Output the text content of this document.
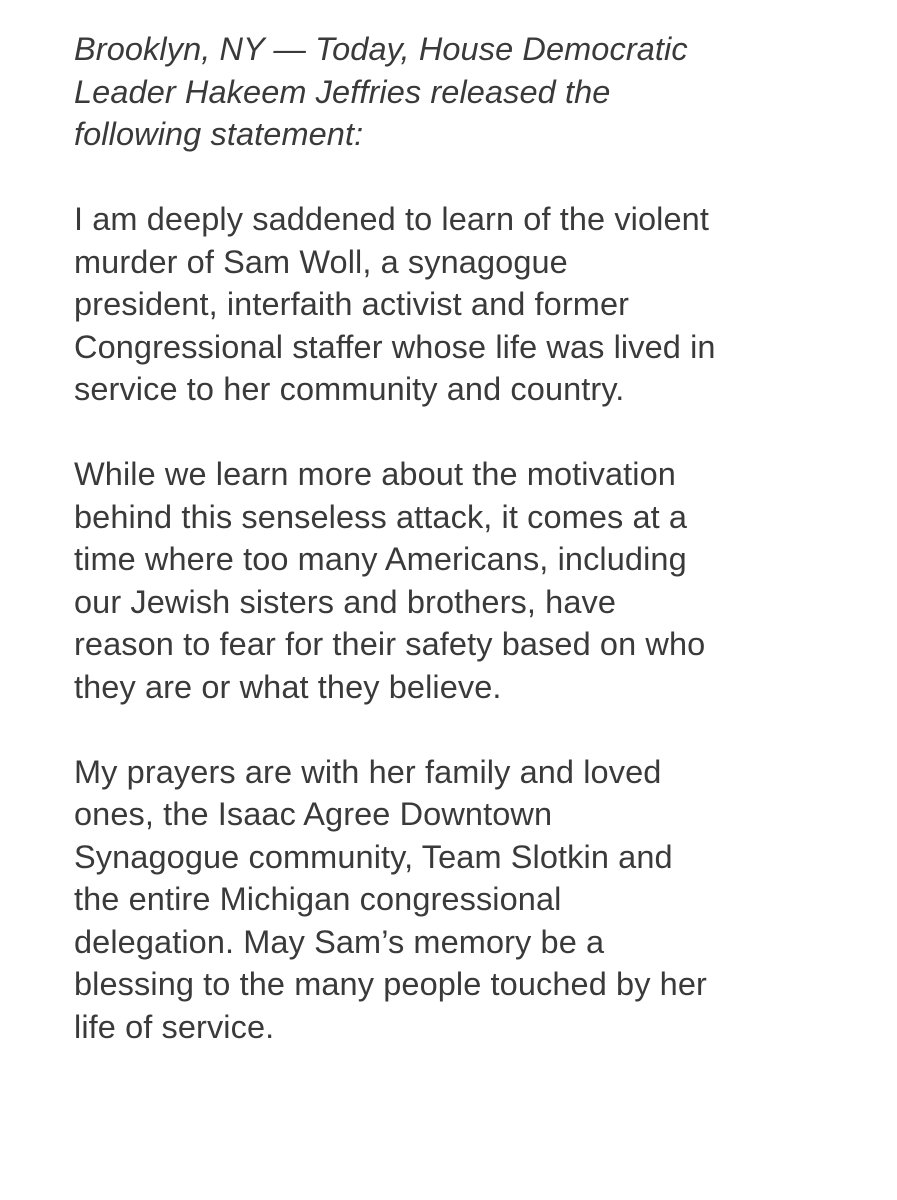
Brooklyn, NY — Today, House Democratic
Leader Hakeem Jeffries released the
following statement:

I am deeply saddened to learn of the violent
murder of Sam Woll, a synagogue
president, interfaith activist and former
Congressional staffer whose life was lived in
service to her community and country.

While we learn more about the motivation
behind this senseless attack, it comes at a
time where too many Americans, including
our Jewish sisters and brothers, have
reason to fear for their safety based on who
they are or what they believe.

My prayers are with her family and loved
ones, the Isaac Agree Downtown
Synagogue community, Team Slotkin and
the entire Michigan congressional
delegation. May Sam’s memory be a
blessing to the many people touched by her
life of service.
